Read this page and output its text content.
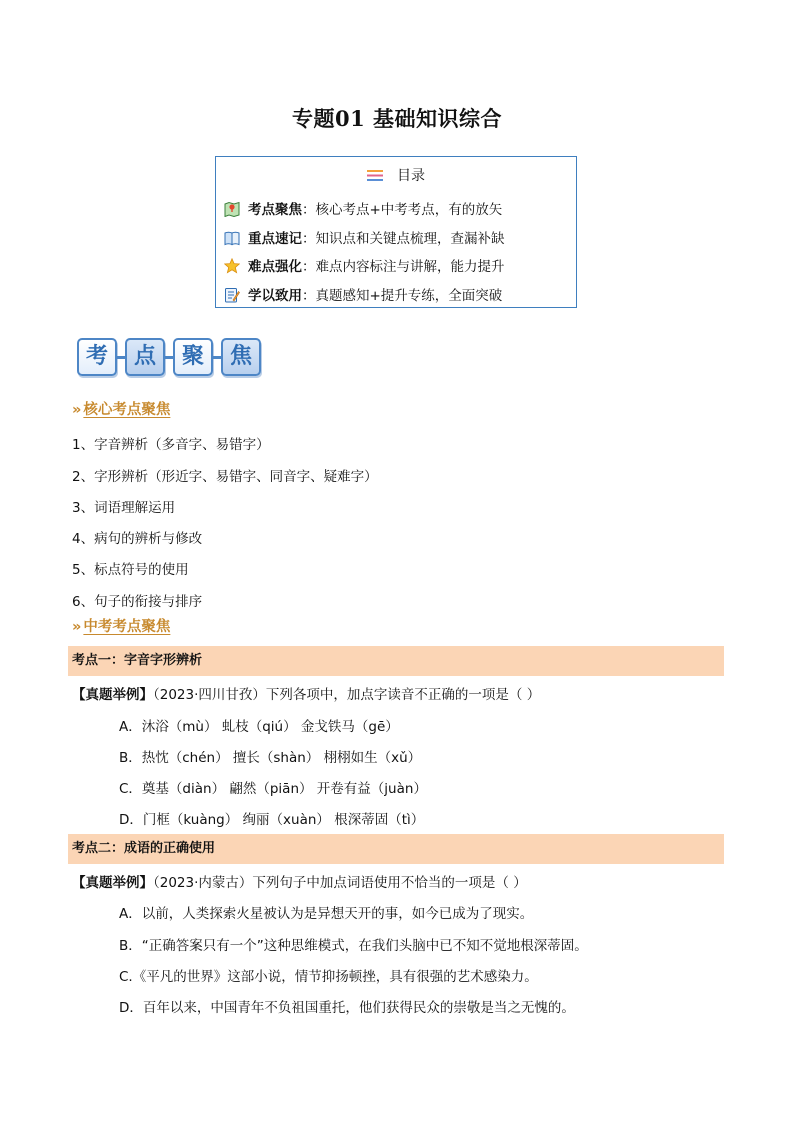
专题01 基础知识综合
目录
考点聚焦：核心考点+中考考点，有的放矢
重点速记：知识点和关键点梳理，查漏补缺
难点强化：难点内容标注与讲解，能力提升
学以致用：真题感知+提升专练，全面突破
考	点	聚	焦
» 核心考点聚焦
1、字音辨析（多音字、易错字）
2、字形辨析（形近字、易错字、同音字、疑难字）
3、词语理解运用
4、病句的辨析与修改
5、标点符号的使用
6、句子的衔接与排序
» 中考考点聚焦
考点一：字音字形辨析
【真题举例】（2023·四川甘孜）下列各项中，加点字读音不正确的一项是（ ）
A．沐浴（mù） 虬枝（qiú） 金戈铁马（gē）
B．热忱（chén） 擅长（shàn） 栩栩如生（xǔ）
C．奠基（diàn） 翩然（piān） 开卷有益（juàn）
D．门框（kuàng） 绚丽（xuàn） 根深蒂固（tì）
考点二：成语的正确使用
【真题举例】（2023·内蒙古）下列句子中加点词语使用不恰当的一项是（ ）
A．以前，人类探索火星被认为是异想天开的事，如今已成为了现实。
B．“正确答案只有一个”这种思维模式，在我们头脑中已不知不觉地根深蒂固。
C.《平凡的世界》这部小说，情节抑扬顿挫，具有很强的艺术感染力。
D．百年以来，中国青年不负祖国重托，他们获得民众的崇敬是当之无愧的。
